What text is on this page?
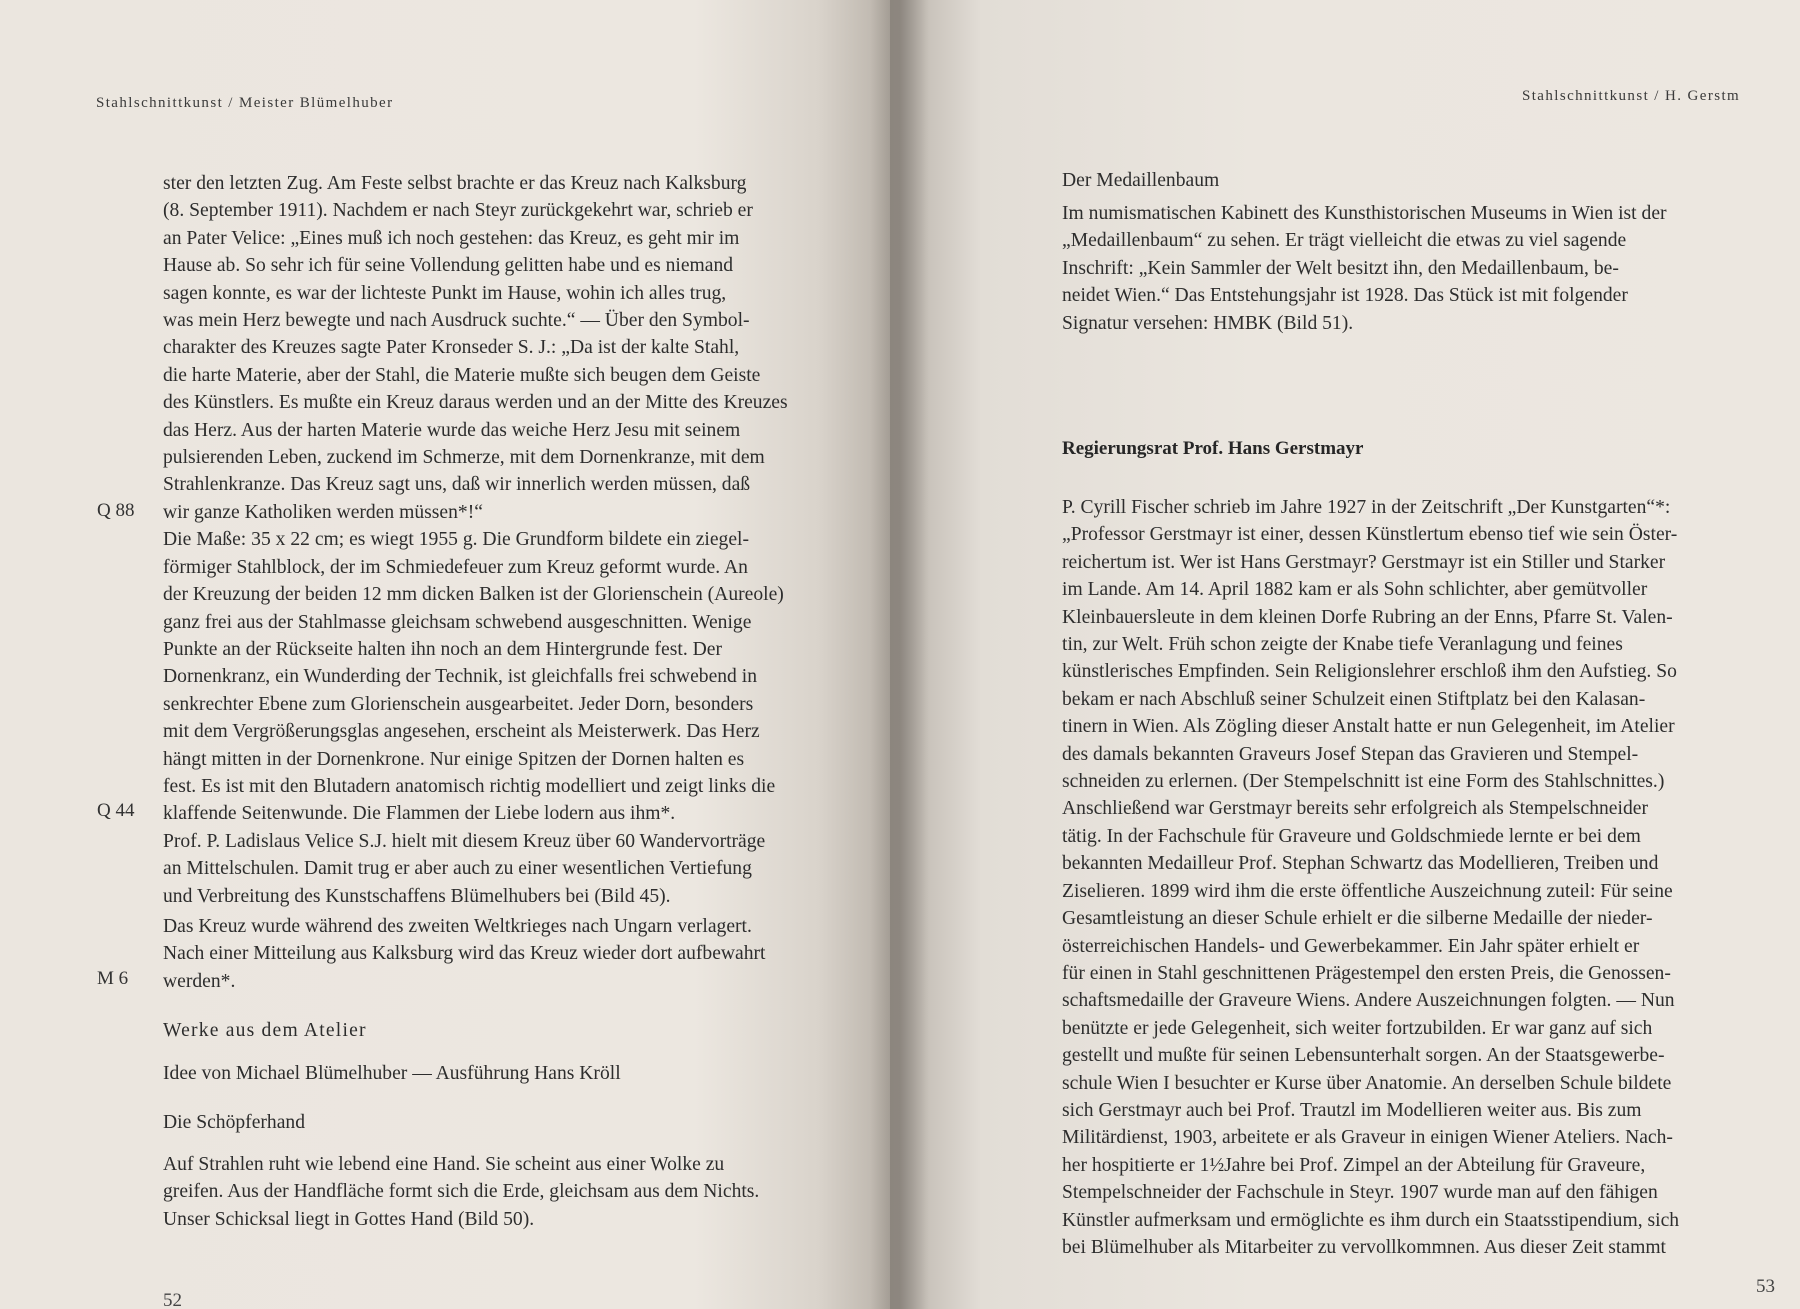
Stahlschnittkunst / Meister Blümelhuber
ster den letzten Zug. Am Feste selbst brachte er das Kreuz nach Kalksburg
(8. September 1911). Nachdem er nach Steyr zurückgekehrt war, schrieb er
an Pater Velice: „Eines muß ich noch gestehen: das Kreuz, es geht mir im
Hause ab. So sehr ich für seine Vollendung gelitten habe und es niemand
sagen konnte, es war der lichteste Punkt im Hause, wohin ich alles trug,
was mein Herz bewegte und nach Ausdruck suchte.“ — Über den Symbol-
charakter des Kreuzes sagte Pater Kronseder S. J.: „Da ist der kalte Stahl,
die harte Materie, aber der Stahl, die Materie mußte sich beugen dem Geiste
des Künstlers. Es mußte ein Kreuz daraus werden und an der Mitte des Kreuzes
das Herz. Aus der harten Materie wurde das weiche Herz Jesu mit seinem
pulsierenden Leben, zuckend im Schmerze, mit dem Dornenkranze, mit dem
Strahlenkranze. Das Kreuz sagt uns, daß wir innerlich werden müssen, daß
wir ganze Katholiken werden müssen*!“
Die Maße: 35 x 22 cm; es wiegt 1955 g. Die Grundform bildete ein ziegel-
förmiger Stahlblock, der im Schmiedefeuer zum Kreuz geformt wurde. An
der Kreuzung der beiden 12 mm dicken Balken ist der Glorienschein (Aureole)
ganz frei aus der Stahlmasse gleichsam schwebend ausgeschnitten. Wenige
Punkte an der Rückseite halten ihn noch an dem Hintergrunde fest. Der
Dornenkranz, ein Wunderding der Technik, ist gleichfalls frei schwebend in
senkrechter Ebene zum Glorienschein ausgearbeitet. Jeder Dorn, besonders
mit dem Vergrößerungsglas angesehen, erscheint als Meisterwerk. Das Herz
hängt mitten in der Dornenkrone. Nur einige Spitzen der Dornen halten es
fest. Es ist mit den Blutadern anatomisch richtig modelliert und zeigt links die
klaffende Seitenwunde. Die Flammen der Liebe lodern aus ihm*.
Prof. P. Ladislaus Velice S.J. hielt mit diesem Kreuz über 60 Wandervorträge
an Mittelschulen. Damit trug er aber auch zu einer wesentlichen Vertiefung
und Verbreitung des Kunstschaffens Blümelhubers bei (Bild 45).
Q 88
Q 44
M 6
Das Kreuz wurde während des zweiten Weltkrieges nach Ungarn verlagert.
Nach einer Mitteilung aus Kalksburg wird das Kreuz wieder dort aufbewahrt
werden*.
Werke aus dem Atelier
Idee von Michael Blümelhuber — Ausführung Hans Kröll
Die Schöpferhand
Auf Strahlen ruht wie lebend eine Hand. Sie scheint aus einer Wolke zu
greifen. Aus der Handfläche formt sich die Erde, gleichsam aus dem Nichts.
Unser Schicksal liegt in Gottes Hand (Bild 50).
52
Stahlschnittkunst / H. Gerstm
Der Medaillenbaum
Im numismatischen Kabinett des Kunsthistorischen Museums in Wien ist der
„Medaillenbaum“ zu sehen. Er trägt vielleicht die etwas zu viel sagende
Inschrift: „Kein Sammler der Welt besitzt ihn, den Medaillenbaum, be-
neidet Wien.“ Das Entstehungsjahr ist 1928. Das Stück ist mit folgender
Signatur versehen: HMBK (Bild 51).
Regierungsrat Prof. Hans Gerstmayr
P. Cyrill Fischer schrieb im Jahre 1927 in der Zeitschrift „Der Kunstgarten“*:
„Professor Gerstmayr ist einer, dessen Künstlertum ebenso tief wie sein Öster-
reichertum ist. Wer ist Hans Gerstmayr? Gerstmayr ist ein Stiller und Starker
im Lande. Am 14. April 1882 kam er als Sohn schlichter, aber gemütvoller
Kleinbauersleute in dem kleinen Dorfe Rubring an der Enns, Pfarre St. Valen-
tin, zur Welt. Früh schon zeigte der Knabe tiefe Veranlagung und feines
künstlerisches Empfinden. Sein Religionslehrer erschloß ihm den Aufstieg. So
bekam er nach Abschluß seiner Schulzeit einen Stiftplatz bei den Kalasan-
tinern in Wien. Als Zögling dieser Anstalt hatte er nun Gelegenheit, im Atelier
des damals bekannten Graveurs Josef Stepan das Gravieren und Stempel-
schneiden zu erlernen. (Der Stempelschnitt ist eine Form des Stahlschnittes.)
Anschließend war Gerstmayr bereits sehr erfolgreich als Stempelschneider
tätig. In der Fachschule für Graveure und Goldschmiede lernte er bei dem
bekannten Medailleur Prof. Stephan Schwartz das Modellieren, Treiben und
Ziselieren. 1899 wird ihm die erste öffentliche Auszeichnung zuteil: Für seine
Gesamtleistung an dieser Schule erhielt er die silberne Medaille der nieder-
österreichischen Handels- und Gewerbekammer. Ein Jahr später erhielt er
für einen in Stahl geschnittenen Prägestempel den ersten Preis, die Genossen-
schaftsmedaille der Graveure Wiens. Andere Auszeichnungen folgten. — Nun
benützte er jede Gelegenheit, sich weiter fortzubilden. Er war ganz auf sich
gestellt und mußte für seinen Lebensunterhalt sorgen. An der Staatsgewerbe-
schule Wien I besuchter er Kurse über Anatomie. An derselben Schule bildete
sich Gerstmayr auch bei Prof. Trautzl im Modellieren weiter aus. Bis zum
Militärdienst, 1903, arbeitete er als Graveur in einigen Wiener Ateliers. Nach-
her hospitierte er 1½Jahre bei Prof. Zimpel an der Abteilung für Graveure,
Stempelschneider der Fachschule in Steyr. 1907 wurde man auf den fähigen
Künstler aufmerksam und ermöglichte es ihm durch ein Staatsstipendium, sich
bei Blümelhuber als Mitarbeiter zu vervollkommnen. Aus dieser Zeit stammt
53
